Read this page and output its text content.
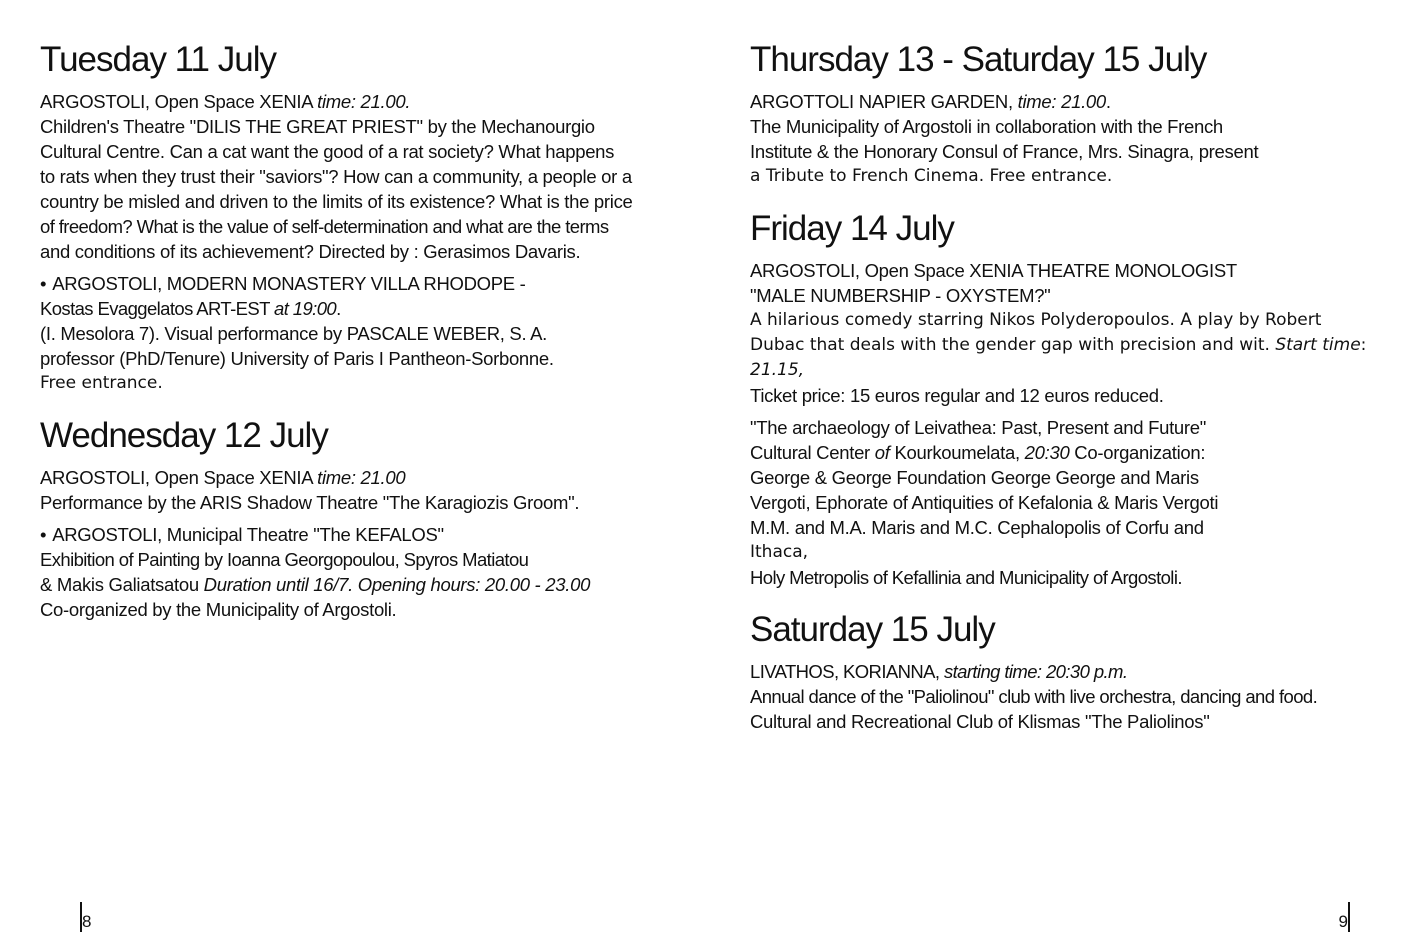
Tuesday 11 July
ARGOSTOLI, Open Space XENIA time: 21.00.
Children's Theatre "DILIS THE GREAT PRIEST" by the Mechanourgio
Cultural Centre. Can a cat want the good of a rat society? What happens
to rats when they trust their "saviors"? How can a community, a people or a
country be misled and driven to the limits of its existence? What is the price
of freedom? What is the value of self-determination and what are the terms
and conditions of its achievement? Directed by : Gerasimos Davaris.
• ARGOSTOLI, MODERN MONASTERY VILLA RHODOPE -
Kostas Evaggelatos ART-EST at 19:00.
(I. Mesolora 7). Visual performance by PASCALE WEBER, S. A.
professor (PhD/Tenure) University of Paris I Pantheon-Sorbonne.
Free entrance.
Wednesday 12 July
ARGOSTOLI, Open Space XENIA time: 21.00
Performance by the ARIS Shadow Theatre "The Karagiozis Groom".
• ARGOSTOLI, Municipal Theatre "The KEFALOS"
Exhibition of Painting by Ioanna Georgopoulou, Spyros Matiatou
& Makis Galiatsatou Duration until 16/7. Opening hours: 20.00 - 23.00
Co-organized by the Municipality of Argostoli.
8
Thursday 13 - Saturday 15 July
ARGOTTOLI NAPIER GARDEN, time: 21.00.
The Municipality of Argostoli in collaboration with the French
Institute & the Honorary Consul of France, Mrs. Sinagra, present
a Tribute to French Cinema. Free entrance.
Friday 14 July
ARGOSTOLI, Open Space XENIA THEATRE MONOLOGIST
"MALE NUMBERSHIP - OXYSTEM?"
A hilarious comedy starring Nikos Polyderopoulos. A play by Robert
Dubac that deals with the gender gap with precision and wit. Start time:
21.15,
Ticket price: 15 euros regular and 12 euros reduced.
"The archaeology of Leivathea: Past, Present and Future"
Cultural Center of Kourkoumelata, 20:30 Co-organization:
George & George Foundation George George and Maris
Vergoti, Ephorate of Antiquities of Kefalonia & Maris Vergoti
M.M. and M.A. Maris and M.C. Cephalopolis of Corfu and
Ithaca,
Holy Metropolis of Kefallinia and Municipality of Argostoli.
Saturday 15 July
LIVATHOS, KORIANNA, starting time: 20:30 p.m.
Annual dance of the "Paliolinou" club with live orchestra, dancing and food.
Cultural and Recreational Club of Klismas "The Paliolinos"
9
